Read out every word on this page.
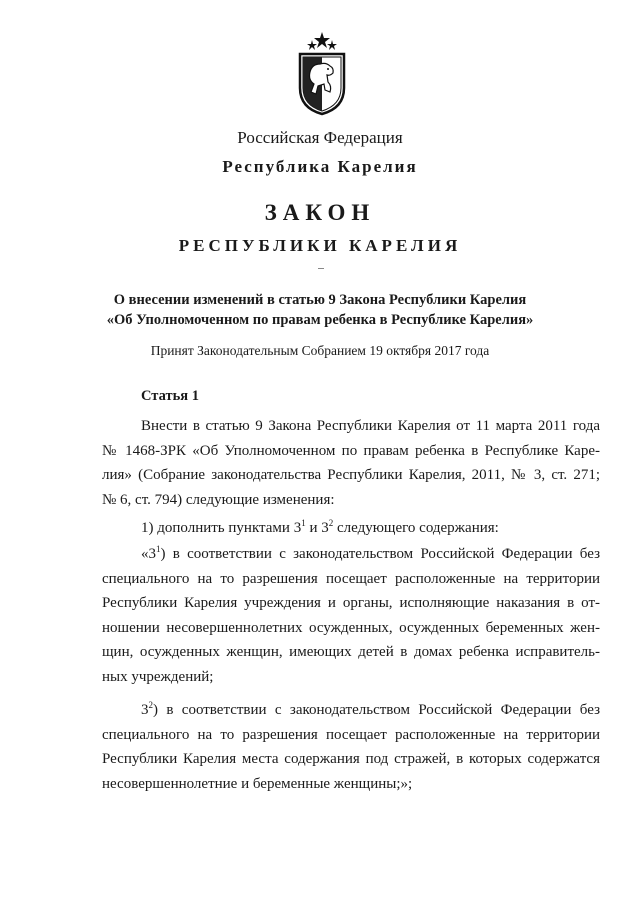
Российская Федерация
Республика Карелия
ЗАКОН
РЕСПУБЛИКИ КАРЕЛИЯ
О внесении изменений в статью 9 Закона Республики Карелия
«Об Уполномоченном по правам ребенка в Республике Карелия»
Принят Законодательным Собранием 19 октября 2017 года
Статья 1
Внести в статью 9 Закона Республики Карелия от 11 марта 2011 года
№ 1468-ЗРК «Об Уполномоченном по правам ребенка в Республике Каре-
лия» (Собрание законодательства Республики Карелия, 2011, № 3, ст. 271;
№ 6, ст. 794) следующие изменения:
1) дополнить пунктами $3^1$ и $3^2$ следующего содержания:
«$3^1$) в соответствии с законодательством Российской Федерации без
специального на то разрешения посещает расположенные на территории
Республики Карелия учреждения и органы, исполняющие наказания в от-
ношении несовершеннолетних осужденных, осужденных беременных жен-
щин, осужденных женщин, имеющих детей в домах ребенка исправитель-
ных учреждений;
$3^2$) в соответствии с законодательством Российской Федерации без
специального на то разрешения посещает расположенные на территории
Республики Карелия места содержания под стражей, в которых содержатся
несовершеннолетние и беременные женщины;»;
